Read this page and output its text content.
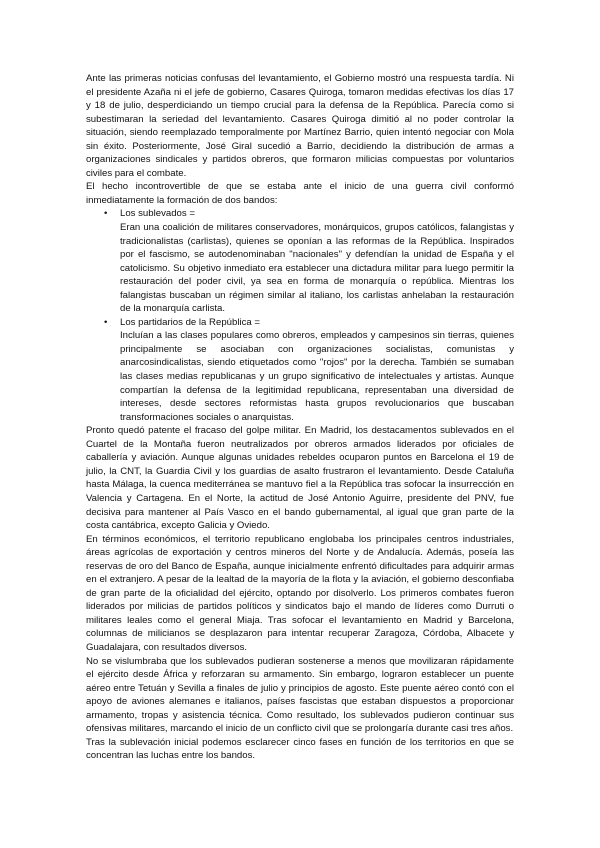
Ante las primeras noticias confusas del levantamiento, el Gobierno mostró una respuesta tardía. Ni el presidente Azaña ni el jefe de gobierno, Casares Quiroga, tomaron medidas efectivas los días 17 y 18 de julio, desperdiciando un tiempo crucial para la defensa de la República. Parecía como si subestimaran la seriedad del levantamiento. Casares Quiroga dimitió al no poder controlar la situación, siendo reemplazado temporalmente por Martínez Barrio, quien intentó negociar con Mola sin éxito. Posteriormente, José Giral sucedió a Barrio, decidiendo la distribución de armas a organizaciones sindicales y partidos obreros, que formaron milicias compuestas por voluntarios civiles para el combate.

El hecho incontrovertible de que se estaba ante el inicio de una guerra civil conformó inmediatamente la formación de dos bandos:

• Los sublevados =

Eran una coalición de militares conservadores, monárquicos, grupos católicos, falangistas y tradicionalistas (carlistas), quienes se oponían a las reformas de la República. Inspirados por el fascismo, se autodenominaban "nacionales" y defendían la unidad de España y el catolicismo. Su objetivo inmediato era establecer una dictadura militar para luego permitir la restauración del poder civil, ya sea en forma de monarquía o república. Mientras los falangistas buscaban un régimen similar al italiano, los carlistas anhelaban la restauración de la monarquía carlista.

• Los partidarios de la República =

Incluían a las clases populares como obreros, empleados y campesinos sin tierras, quienes principalmente se asociaban con organizaciones socialistas, comunistas y anarcosindicalistas, siendo etiquetados como "rojos" por la derecha. También se sumaban las clases medias republicanas y un grupo significativo de intelectuales y artistas. Aunque compartían la defensa de la legitimidad republicana, representaban una diversidad de intereses, desde sectores reformistas hasta grupos revolucionarios que buscaban transformaciones sociales o anarquistas.

Pronto quedó patente el fracaso del golpe militar. En Madrid, los destacamentos sublevados en el Cuartel de la Montaña fueron neutralizados por obreros armados liderados por oficiales de caballería y aviación. Aunque algunas unidades rebeldes ocuparon puntos en Barcelona el 19 de julio, la CNT, la Guardia Civil y los guardias de asalto frustraron el levantamiento. Desde Cataluña hasta Málaga, la cuenca mediterránea se mantuvo fiel a la República tras sofocar la insurrección en Valencia y Cartagena. En el Norte, la actitud de José Antonio Aguirre, presidente del PNV, fue decisiva para mantener al País Vasco en el bando gubernamental, al igual que gran parte de la costa cantábrica, excepto Galicia y Oviedo.

En términos económicos, el territorio republicano englobaba los principales centros industriales, áreas agrícolas de exportación y centros mineros del Norte y de Andalucía. Además, poseía las reservas de oro del Banco de España, aunque inicialmente enfrentó dificultades para adquirir armas en el extranjero. A pesar de la lealtad de la mayoría de la flota y la aviación, el gobierno desconfiaba de gran parte de la oficialidad del ejército, optando por disolverlo. Los primeros combates fueron liderados por milicias de partidos políticos y sindicatos bajo el mando de líderes como Durruti o militares leales como el general Miaja. Tras sofocar el levantamiento en Madrid y Barcelona, columnas de milicianos se desplazaron para intentar recuperar Zaragoza, Córdoba, Albacete y Guadalajara, con resultados diversos.

No se vislumbraba que los sublevados pudieran sostenerse a menos que movilizaran rápidamente el ejército desde África y reforzaran su armamento. Sin embargo, lograron establecer un puente aéreo entre Tetuán y Sevilla a finales de julio y principios de agosto. Este puente aéreo contó con el apoyo de aviones alemanes e italianos, países fascistas que estaban dispuestos a proporcionar armamento, tropas y asistencia técnica. Como resultado, los sublevados pudieron continuar sus ofensivas militares, marcando el inicio de un conflicto civil que se prolongaría durante casi tres años.

Tras la sublevación inicial podemos esclarecer cinco fases en función de los territorios en que se concentran las luchas entre los bandos.
